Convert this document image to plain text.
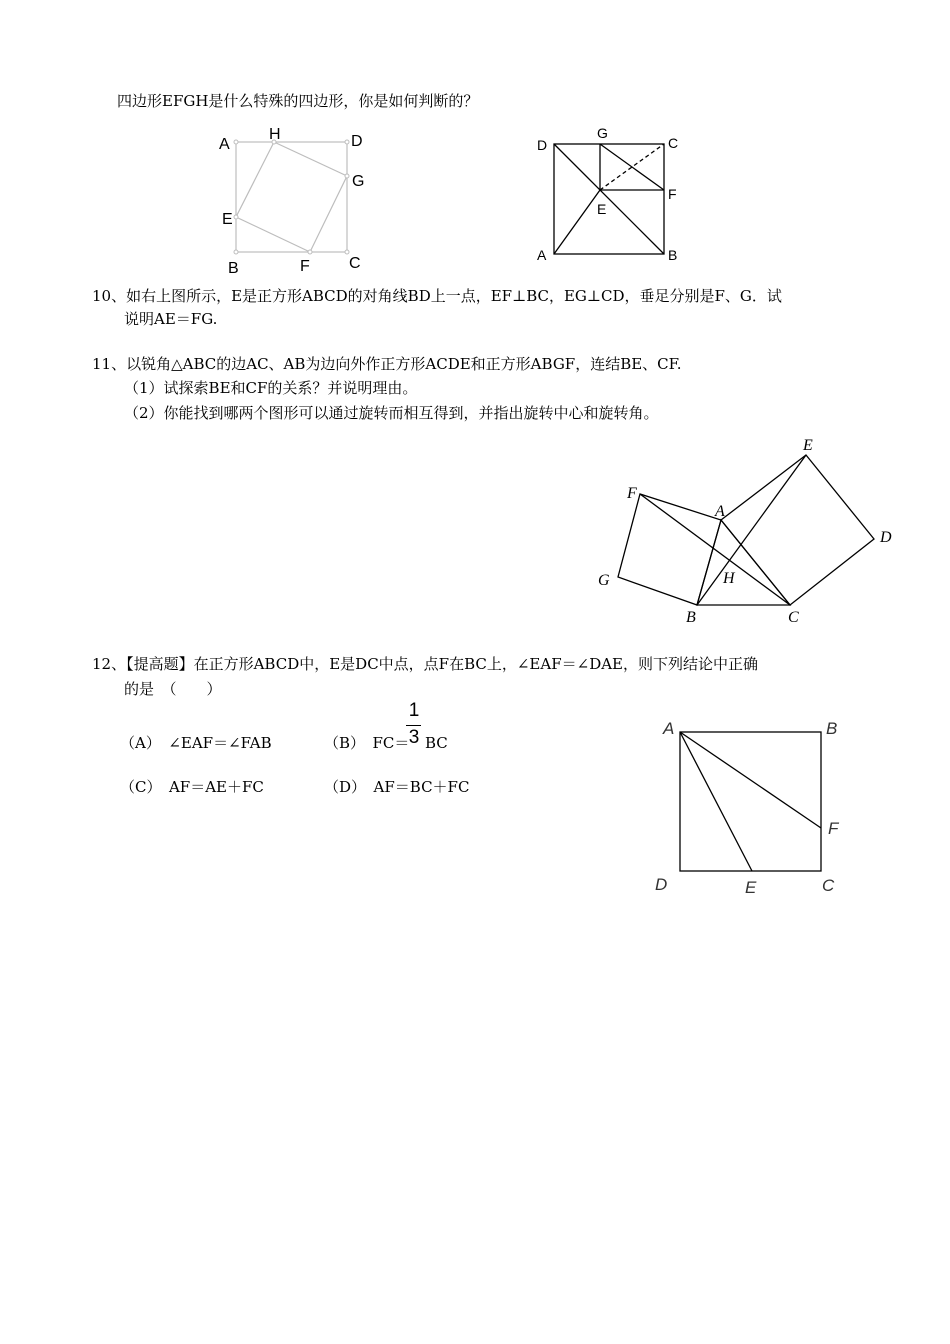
四边形EFGH是什么特殊的四边形，你是如何判断的？
A
H	D
G
E
B	F C
D
G
C
F
E
A	B
10、如右上图所示，E是正方形ABCD的对角线BD上一点，EF⊥BC，EG⊥CD，垂足分别是F、G．试
说明AE＝FG.
11、以锐角△ABC的边AC、AB为边向外作正方形ACDE和正方形ABGF，连结BE、CF.
（1）试探索BE和CF的关系？并说明理由。
（2）你能找到哪两个图形可以通过旋转而相互得到，并指出旋转中心和旋转角。
E
F
A
D
G	H
B	C
12、【提高题】在正方形ABCD中，E是DC中点，点F在BC上，∠EAF＝∠DAE，则下列结论中正确
的是　（　　）
（A）　∠EAF＝∠FAB	（B）　FC＝
1
3 BC
（C）　AF＝AE＋FC	（D）　AF＝BC＋FC
A	B
F
D	E	C
